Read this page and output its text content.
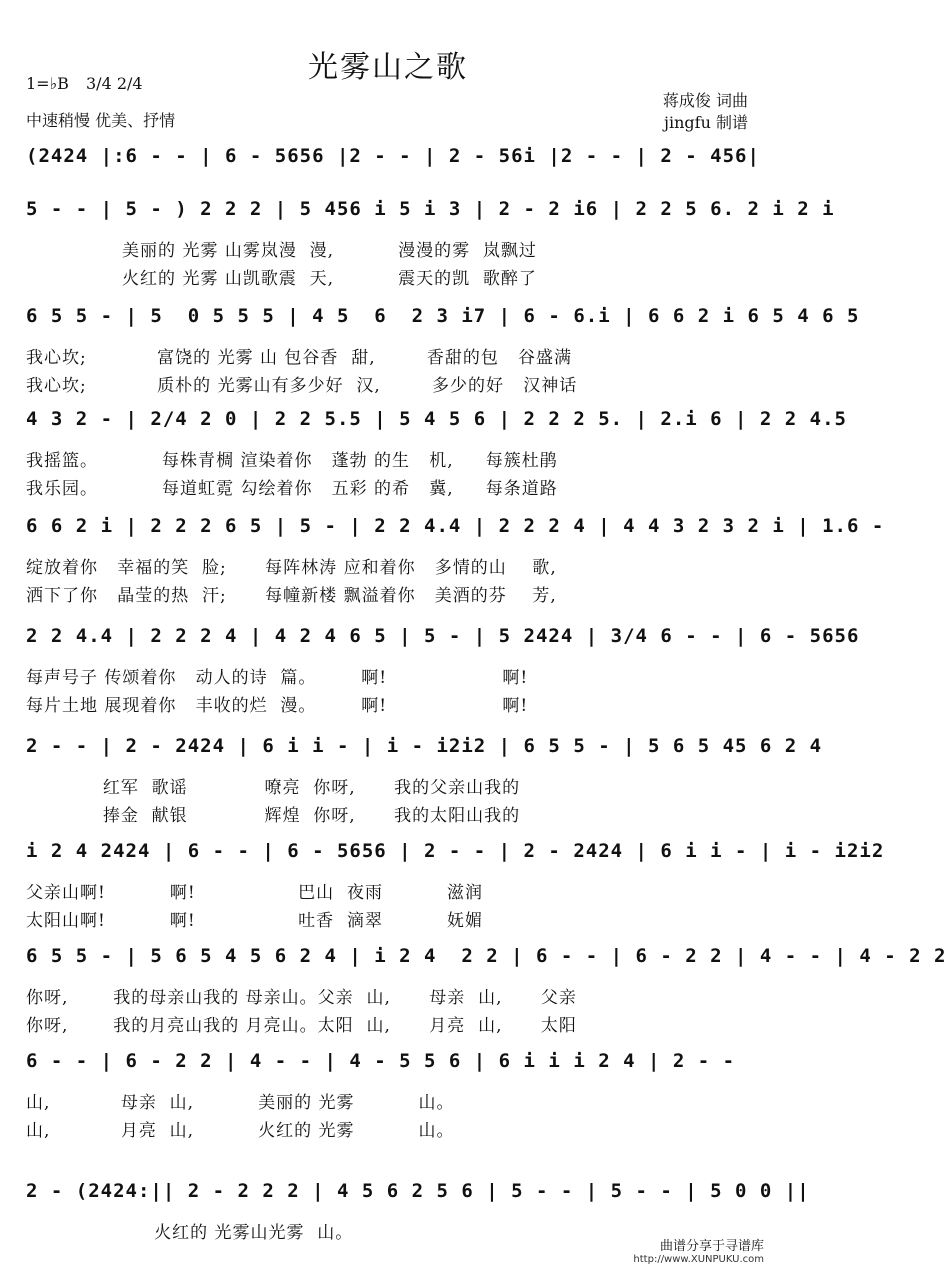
光雾山之歌
1=♭B 3/4 2/4
中速稍慢 优美、抒情
蒋成俊 词曲
jingfu 制谱
(2424 |:6 - - | 6 - 5656 |2 - - | 2 - 56i |2 - - | 2 - 456|
5 - - | 5 - ) 2 2 2 | 5 456 i 5 i 3 | 2 - 2 i6 | 2 2 5 6. 2 i 2 i
美丽的 光雾 山雾岚漫  漫,          漫漫的雾  岚飘过
火红的 光雾 山凯歌震  天,          震天的凯  歌醉了
6 5 5 - | 5  0 5 5 5 | 4 5  6  2 3 i7 | 6 - 6.i | 6 6 2 i 6 5 4 6 5
我心坎;           富饶的 光雾 山 包谷香  甜,        香甜的包   谷盛满
我心坎;           质朴的 光雾山有多少好  汉,        多少的好   汉神话
4 3 2 - | 2/4 2 0 | 2 2 5.5 | 5 4 5 6 | 2 2 2 5. | 2.i 6 | 2 2 4.5
我摇篮。          每株青椆 渲染着你   蓬勃 的生   机,     每簇杜鹃
我乐园。          每道虹霓 勾绘着你   五彩 的希   冀,     每条道路
6 6 2 i | 2 2 2 6 5 | 5 - | 2 2 4.4 | 2 2 2 4 | 4 4 3 2 3 2 i | 1.6 -
绽放着你   幸福的笑  脸;      每阵林涛 应和着你   多情的山    歌,
洒下了你   晶莹的热  汗;      每幢新楼 飘溢着你   美酒的芬    芳,
2 2 4.4 | 2 2 2 4 | 4 2 4 6 5 | 5 - | 5 2424 | 3/4 6 - - | 6 - 5656
每声号子 传颂着你   动人的诗  篇。       啊!                  啊!
每片土地 展现着你   丰收的烂  漫。       啊!                  啊!
2 - - | 2 - 2424 | 6 i i - | i - i2i2 | 6 5 5 - | 5 6 5 45 6 2 4
红军  歌谣            嘹亮  你呀,      我的父亲山我的
捧金  献银            辉煌  你呀,      我的太阳山我的
i 2 4 2424 | 6 - - | 6 - 5656 | 2 - - | 2 - 2424 | 6 i i - | i - i2i2
父亲山啊!          啊!                巴山  夜雨          滋润
太阳山啊!          啊!                吐香  滴翠          妩媚
6 5 5 - | 5 6 5 4 5 6 2 4 | i 2 4  2 2 | 6 - - | 6 - 2 2 | 4 - - | 4 - 2 2
你呀,       我的母亲山我的 母亲山。父亲  山,      母亲  山,      父亲
你呀,       我的月亮山我的 月亮山。太阳  山,      月亮  山,      太阳
6 - - | 6 - 2 2 | 4 - - | 4 - 5 5 6 | 6 i i i 2 4 | 2 - -
山,           母亲  山,          美丽的 光雾          山。
山,           月亮  山,          火红的 光雾          山。
2 - (2424:|| 2 - 2 2 2 | 4 5 6 2 5 6 | 5 - - | 5 - - | 5 0 0 ||
火红的 光雾山光雾  山。
曲谱分享于寻谱库
http://www.XUNPUKU.com
